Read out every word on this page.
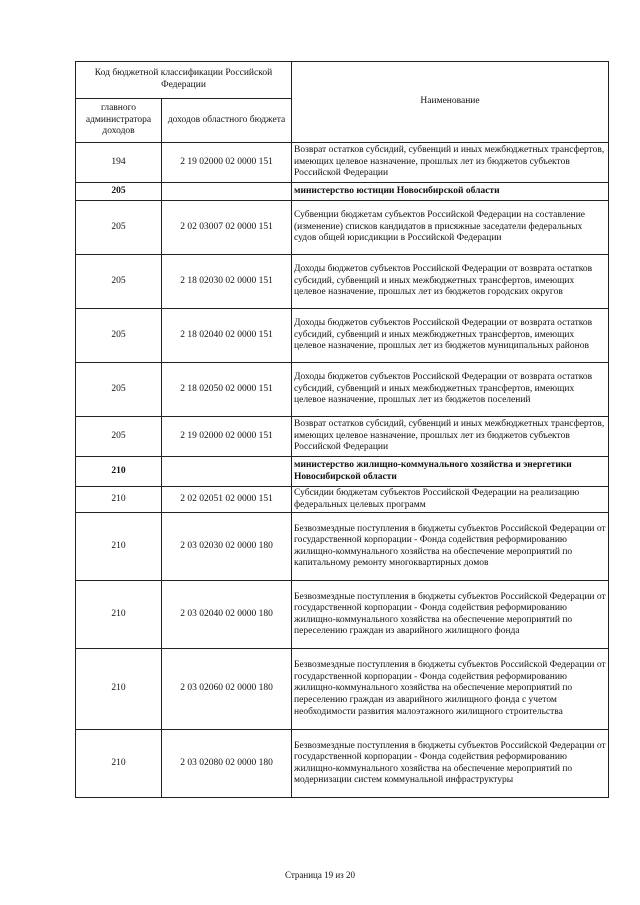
Код бюджетной классификации Российской Федерации		Наименование
главного администратора доходов	доходов областного бюджета	
194	2 19 02000 02 0000 151	Возврат остатков субсидий, субвенций и иных межбюджетных трансфертов, имеющих целевое назначение, прошлых лет из бюджетов субъектов Российской Федерации
205		министерство юстиции Новосибирской области
205	2 02 03007 02 0000 151	Субвенции бюджетам субъектов Российской Федерации на составление (изменение) списков кандидатов в присяжные заседатели федеральных судов общей юрисдикции в Российской Федерации
205	2 18 02030 02 0000 151	Доходы бюджетов субъектов Российской Федерации от возврата остатков субсидий, субвенций и иных межбюджетных трансфертов, имеющих целевое назначение, прошлых лет из бюджетов городских округов
205	2 18 02040 02 0000 151	Доходы бюджетов субъектов Российской Федерации от возврата остатков субсидий, субвенций и иных межбюджетных трансфертов, имеющих целевое назначение, прошлых лет из бюджетов муниципальных районов
205	2 18 02050 02 0000 151	Доходы бюджетов субъектов Российской Федерации от возврата остатков субсидий, субвенций и иных межбюджетных трансфертов, имеющих целевое назначение, прошлых лет из бюджетов поселений
205	2 19 02000 02 0000 151	Возврат остатков субсидий, субвенций и иных межбюджетных трансфертов, имеющих целевое назначение, прошлых лет из бюджетов субъектов Российской Федерации
210		министерство жилищно-коммунального хозяйства и энергетики Новосибирской области
210	2 02 02051 02 0000 151	Субсидии бюджетам субъектов Российской Федерации на реализацию федеральных целевых программ
210	2 03 02030 02 0000 180	Безвозмездные поступления в бюджеты субъектов Российской Федерации от государственной корпорации - Фонда содействия реформированию жилищно-коммунального хозяйства на обеспечение мероприятий по капитальному ремонту многоквартирных домов
210	2 03 02040 02 0000 180	Безвозмездные поступления в бюджеты субъектов Российской Федерации от государственной корпорации - Фонда содействия реформированию жилищно-коммунального хозяйства на обеспечение мероприятий по переселению граждан из аварийного жилищного фонда
210	2 03 02060 02 0000 180	Безвозмездные поступления в бюджеты субъектов Российской Федерации от государственной корпорации - Фонда содействия реформированию жилищно-коммунального хозяйства на обеспечение мероприятий по переселению граждан из аварийного жилищного фонда с учетом необходимости развития малоэтажного жилищного строительства
210	2 03 02080 02 0000 180	Безвозмездные поступления в бюджеты субъектов Российской Федерации от государственной корпорации - Фонда содействия реформированию жилищно-коммунального хозяйства на обеспечение мероприятий по модернизации систем коммунальной инфраструктуры
Страница 19 из 20
